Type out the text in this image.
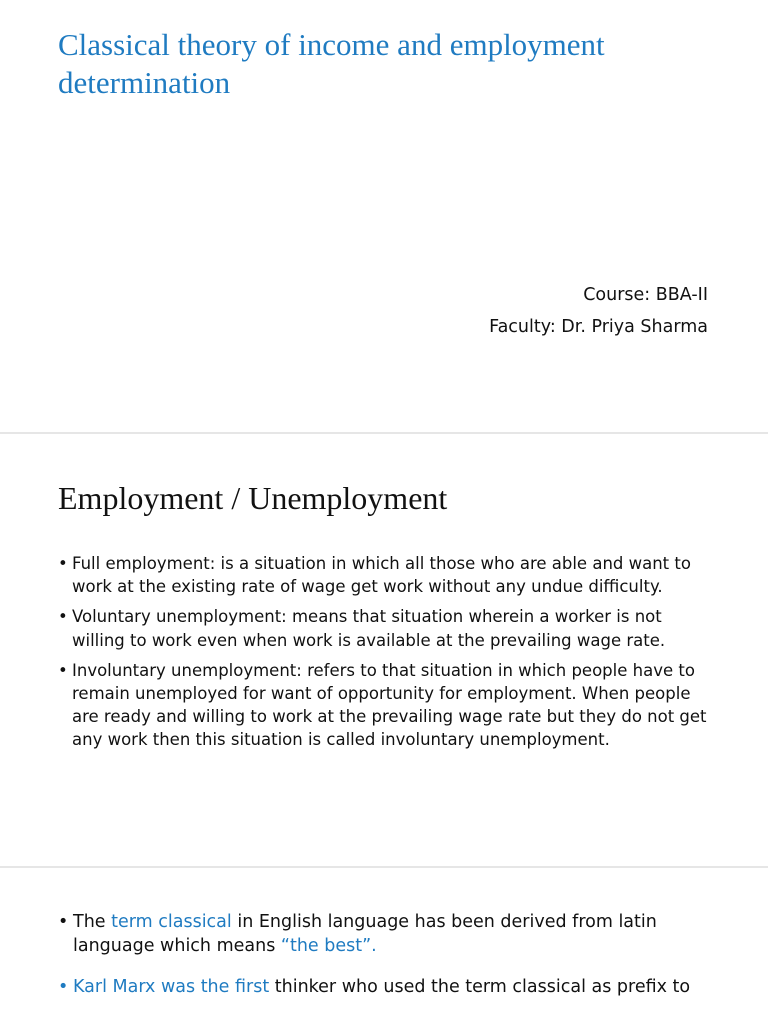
Classical theory of income and employment determination
Course: BBA-II
Faculty: Dr. Priya Sharma
Employment / Unemployment
• Full employment: is a situation in which all those who are able and want to work at the existing rate of wage get work without any undue difficulty.
• Voluntary unemployment: means that situation wherein a worker is not willing to work even when work is available at the prevailing wage rate.
• Involuntary unemployment: refers to that situation in which people have to remain unemployed for want of opportunity for employment. When people are ready and willing to work at the prevailing wage rate but they do not get any work then this situation is called involuntary unemployment.
• The term classical in English language has been derived from latin language which means “the best”.
• Karl Marx was the first thinker who used the term classical as prefix to
